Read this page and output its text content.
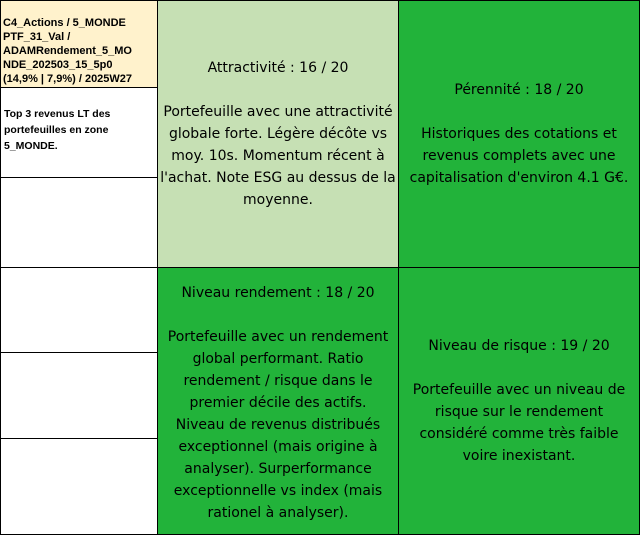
C4_Actions / 5_MONDE
PTF_31_Val /
ADAMRendement_5_MO
NDE_202503_15_5p0
(14,9% | 7,9%) / 2025W27

Top 3 revenus LT des portefeuilles en zone 5_MONDE.
Attractivité : 16 / 20
Portefeuille avec une attractivité globale forte. Légère décôte vs moy. 10s. Momentum récent à l'achat. Note ESG au dessus de la moyenne.
Pérennité : 18 / 20
Historiques des cotations et revenus complets avec une capitalisation d'environ 4.1 G€.
Niveau rendement : 18 / 20
Portefeuille avec un rendement global performant. Ratio rendement / risque dans le premier décile des actifs. Niveau de revenus distribués exceptionnel (mais origine à analyser). Surperformance exceptionnelle vs index (mais rationel à analyser).
Niveau de risque : 19 / 20
Portefeuille avec un niveau de risque sur le rendement considéré comme très faible voire inexistant.
